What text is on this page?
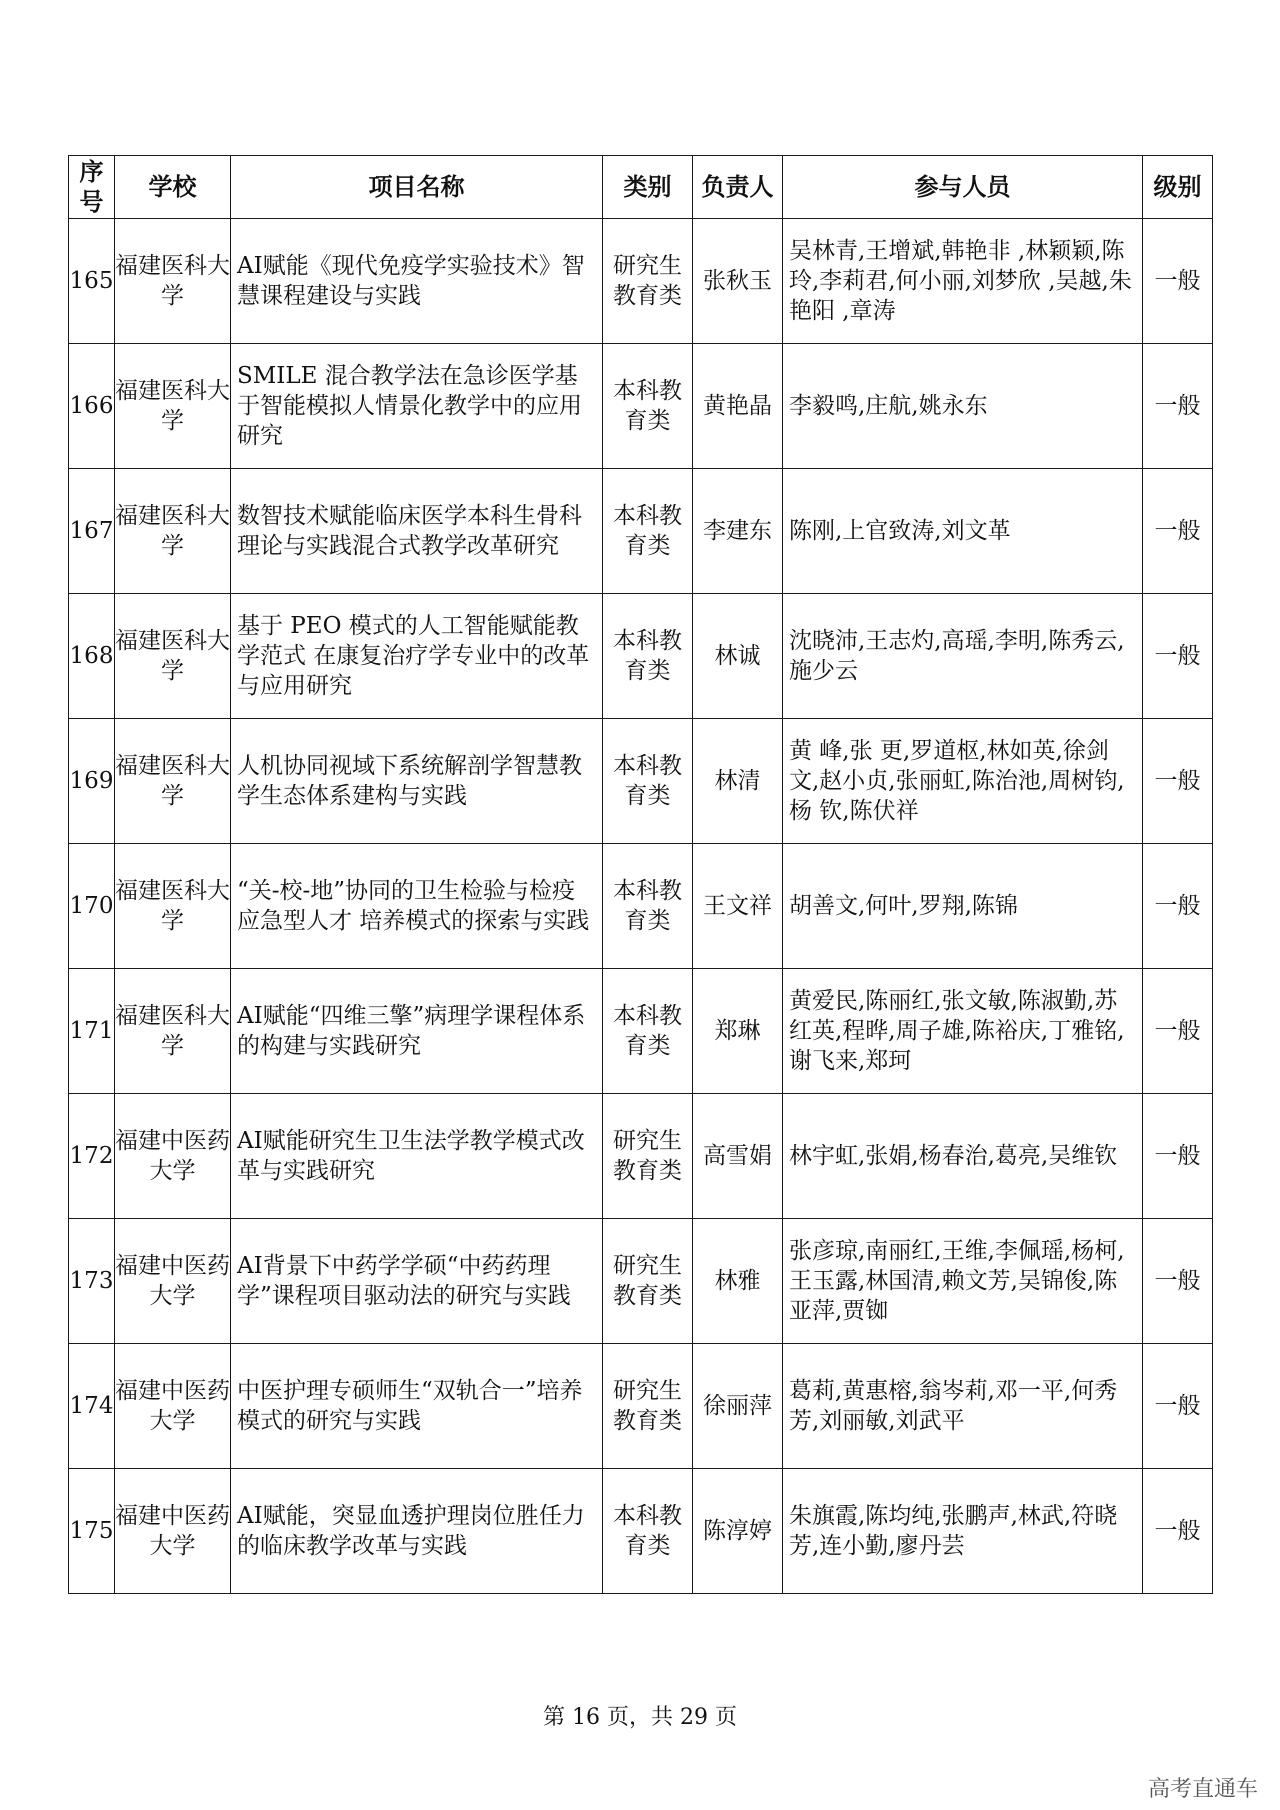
序号	学校	项目名称	类别	负责人	参与人员	级别
165	福建医科大学	AI赋能《现代免疫学实验技术》智慧课程建设与实践	研究生教育类	张秋玉	吴林青,王增斌,韩艳非 ,林颖颖,陈玲,李莉君,何小丽,刘梦欣 ,吴越,朱艳阳 ,章涛	一般
166	福建医科大学	SMILE 混合教学法在急诊医学基于智能模拟人情景化教学中的应用研究	本科教育类	黄艳晶	李毅鸣,庄航,姚永东	一般
167	福建医科大学	数智技术赋能临床医学本科生骨科理论与实践混合式教学改革研究	本科教育类	李建东	陈刚,上官致涛,刘文革	一般
168	福建医科大学	基于 PEO 模式的人工智能赋能教学范式 在康复治疗学专业中的改革与应用研究	本科教育类	林诚	沈晓沛,王志灼,高瑶,李明,陈秀云,施少云	一般
169	福建医科大学	人机协同视域下系统解剖学智慧教学生态体系建构与实践	本科教育类	林清	黄 峰,张 更,罗道枢,林如英,徐剑文,赵小贞,张丽虹,陈治池,周树钧,杨 钦,陈伏祥	一般
170	福建医科大学	“关-校-地”协同的卫生检验与检疫应急型人才 培养模式的探索与实践	本科教育类	王文祥	胡善文,何叶,罗翔,陈锦	一般
171	福建医科大学	AI赋能“四维三擎”病理学课程体系的构建与实践研究	本科教育类	郑琳	黄爱民,陈丽红,张文敏,陈淑勤,苏红英,程晔,周子雄,陈裕庆,丁雅铭,谢飞来,郑珂	一般
172	福建中医药大学	AI赋能研究生卫生法学教学模式改革与实践研究	研究生教育类	高雪娟	林宇虹,张娟,杨春治,葛亮,吴维钦	一般
173	福建中医药大学	AI背景下中药学学硕“中药药理学”课程项目驱动法的研究与实践	研究生教育类	林雅	张彦琼,南丽红,王维,李佩瑶,杨柯,王玉露,林国清,赖文芳,吴锦俊,陈亚萍,贾铷	一般
174	福建中医药大学	中医护理专硕师生“双轨合一”培养模式的研究与实践	研究生教育类	徐丽萍	葛莉,黄惠榕,翁岑莉,邓一平,何秀芳,刘丽敏,刘武平	一般
175	福建中医药大学	AI赋能，突显血透护理岗位胜任力的临床教学改革与实践	本科教育类	陈淳婷	朱旗霞,陈均纯,张鹏声,林武,符晓芳,连小勤,廖丹芸	一般
第 16 页，共 29 页
高考直通车
